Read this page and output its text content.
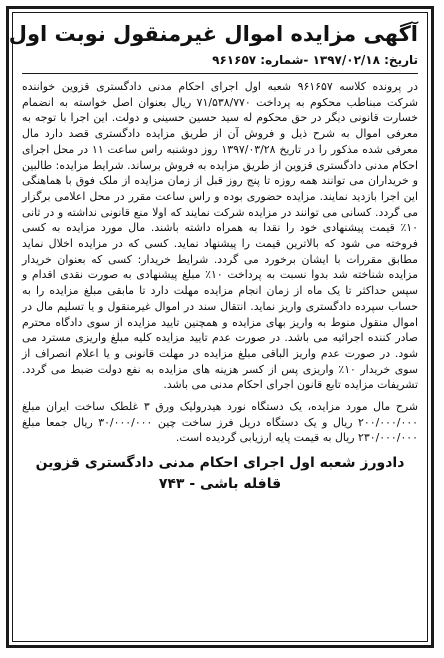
آگهی مزایده اموال غیرمنقول نوبت اول
تاریخ: ۱۳۹۷/۰۲/۱۸ -شماره: ۹۶۱۶۵۷

در پرونده کلاسه ۹۶۱۶۵۷ شعبه اول اجرای احکام مدنی دادگستری قزوین خواننده شرکت مبناطب محکوم به پرداخت ۷۱/۵۳۸/۷۷۰ ریال بعنوان اصل خواسته به انضمام خسارت قانونی دیگر در حق محکوم له سید حسین حسینی و دولت. این اجرا با توجه به معرفی اموال به شرح ذیل و فروش آن از طریق مزایده دادگستری قصد دارد مال معرفی شده مذکور را در تاریخ ۱۳۹۷/۰۳/۲۸ روز دوشنبه راس ساعت ۱۱ در محل اجرای احکام مدنی دادگستری قزوین از طریق مزایده به فروش برساند. شرایط مزایده: طالبین و خریداران می توانند همه روزه تا پنج روز قبل از زمان مزایده از ملک فوق با هماهنگی این اجرا بازدید نمایند. مزایده حضوری بوده و راس ساعت مقرر در محل اعلامی برگزار می گردد. کسانی می توانند در مزایده شرکت نمایند که اولا منع قانونی نداشته و در ثانی ۱۰٪ قیمت پیشنهادی خود را نقدا به همراه داشته باشند. مال مورد مزایده به کسی فروخته می شود که بالاترین قیمت را پیشنهاد نماید. کسی که در مزایده اخلال نماید مطابق مقررات با ایشان برخورد می گردد. شرایط خریدار: کسی که بعنوان خریدار مزایده شناخته شد بدوا نسبت به پرداخت ۱۰٪ مبلغ پیشنهادی به صورت نقدی اقدام و سپس حداکثر تا یک ماه از زمان انجام مزایده مهلت دارد تا مابقی مبلغ مزایده را به حساب سپرده دادگستری واریز نماید. انتقال سند در اموال غیرمنقول و یا تسلیم مال در اموال منقول منوط به واریز بهای مزایده و همچنین تایید مزایده از سوی دادگاه محترم صادر کننده اجرائیه می باشد. در صورت عدم تایید مزایده کلیه مبلغ واریزی مسترد می شود. در صورت عدم واریز الباقی مبلغ مزایده در مهلت قانونی و یا اعلام انصراف از سوی خریدار ۱۰٪ واریزی پس از کسر هزینه های مزایده به نفع دولت ضبط می گردد. تشریفات مزایده تابع قانون اجرای احکام مدنی می باشد.

شرح مال مورد مزایده، یک دستگاه نورد هیدرولیک ورق ۳ غلطک ساخت ایران مبلغ ۲۰۰/۰۰۰/۰۰۰ ریال و یک دستگاه دریل فرز ساخت چین ۳۰/۰۰۰/۰۰۰ ریال جمعا مبلغ ۲۳۰/۰۰۰/۰۰۰ ریال به قیمت پایه ارزیابی گردیده است.
دادورز شعبه اول اجرای احکام مدنی دادگستری قزوین
قافله باشی - ۷۴۳
